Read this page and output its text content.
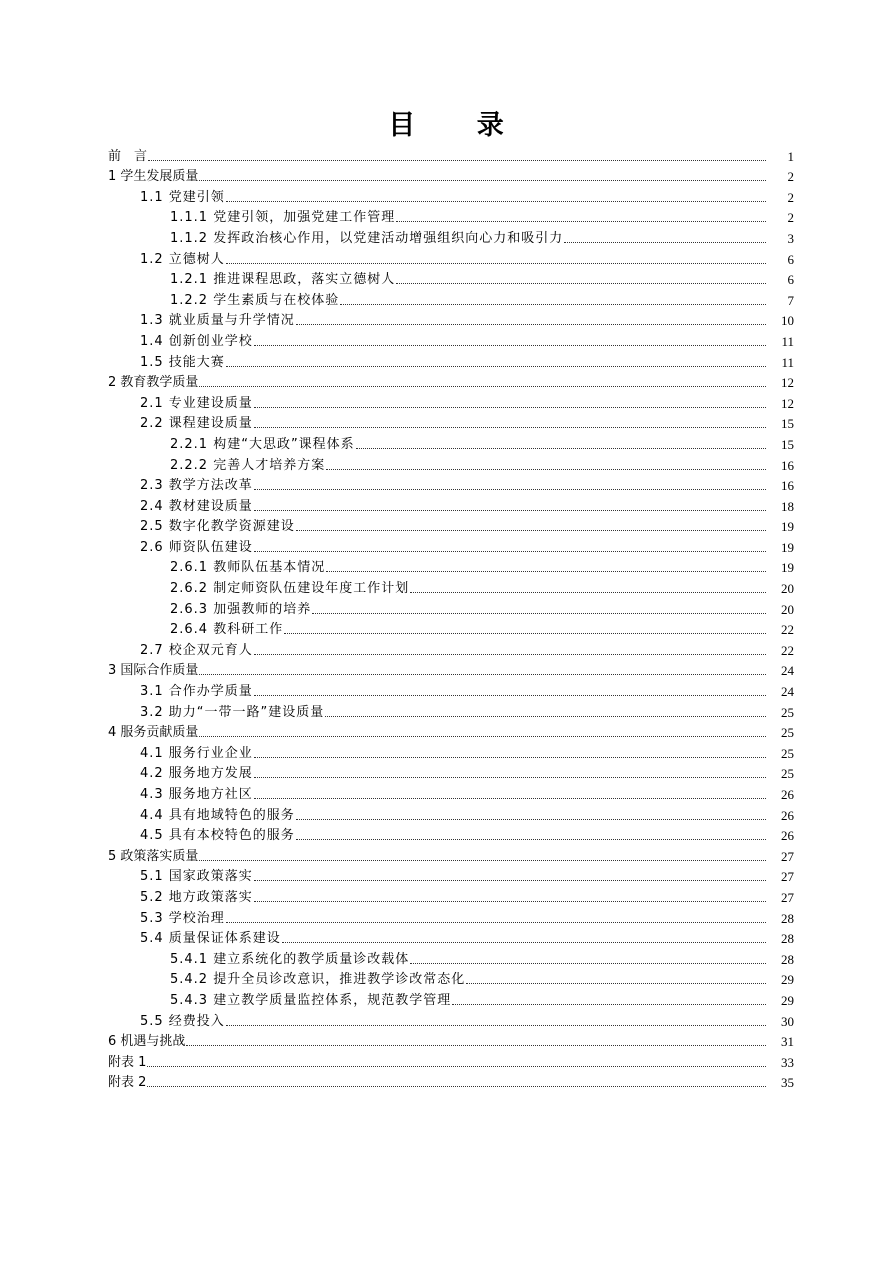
目 录
前　言	1
1 学生发展质量	2
1.1 党建引领	2
1.1.1 党建引领，加强党建工作管理	2
1.1.2 发挥政治核心作用，以党建活动增强组织向心力和吸引力	3
1.2 立德树人	6
1.2.1 推进课程思政，落实立德树人	6
1.2.2 学生素质与在校体验	7
1.3 就业质量与升学情况	10
1.4 创新创业学校	11
1.5 技能大赛	11
2 教育教学质量	12
2.1 专业建设质量	12
2.2 课程建设质量	15
2.2.1 构建“大思政”课程体系	15
2.2.2 完善人才培养方案	16
2.3 教学方法改革	16
2.4 教材建设质量	18
2.5 数字化教学资源建设	19
2.6 师资队伍建设	19
2.6.1 教师队伍基本情况	19
2.6.2 制定师资队伍建设年度工作计划	20
2.6.3 加强教师的培养	20
2.6.4 教科研工作	22
2.7 校企双元育人	22
3 国际合作质量	24
3.1 合作办学质量	24
3.2 助力“一带一路”建设质量	25
4 服务贡献质量	25
4.1 服务行业企业	25
4.2 服务地方发展	25
4.3 服务地方社区	26
4.4 具有地域特色的服务	26
4.5 具有本校特色的服务	26
5 政策落实质量	27
5.1 国家政策落实	27
5.2 地方政策落实	27
5.3 学校治理	28
5.4 质量保证体系建设	28
5.4.1 建立系统化的教学质量诊改载体	28
5.4.2 提升全员诊改意识，推进教学诊改常态化	29
5.4.3 建立教学质量监控体系，规范教学管理	29
5.5 经费投入	30
6 机遇与挑战	31
附表 1	33
附表 2	35
